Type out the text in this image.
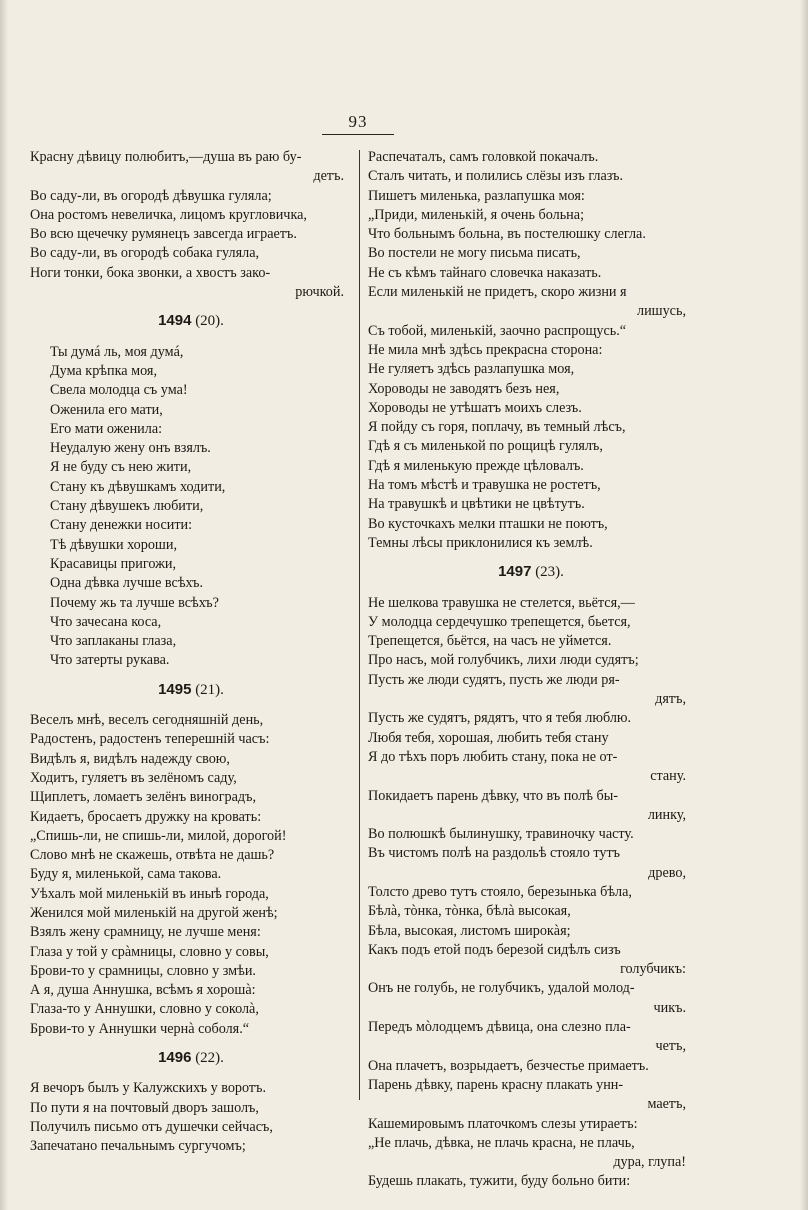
93
Красну дѣвицу полюбитъ,—душа въ раю бу-
детъ.
Во саду-ли, въ огородѣ дѣвушка гуляла;
Она ростомъ невеличка, лицомъ кругловичка,
Во всю щечечку румянецъ завсегда играетъ.
Во саду-ли, въ огородѣ собака гуляла,
Ноги тонки, бока звонки, а хвостъ зако-
рючкой.
1494 (20).
Ты думá ль, моя думá,
Дума крѣпка моя,
Свела молодца съ ума!
Оженила его мати,
Его мати оженила:
Неудалую жену онъ взялъ.
Я не буду съ нею жити,
Стану къ дѣвушкамъ ходити,
Стану дѣвушекъ любити,
Стану денежки носити:
Тѣ дѣвушки хороши,
Красавицы пригожи,
Одна дѣвка лучше всѣхъ.
Почему жь та лучше всѣхъ?
Что зачесана коса,
Что заплаканы глаза,
Что затерты рукава.
1495 (21).
Веселъ мнѣ, веселъ сегодняшній день,
Радостенъ, радостенъ теперешній часъ:
Видѣлъ я, видѣлъ надежду свою,
Ходитъ, гуляетъ въ зелёномъ саду,
Щиплетъ, ломаетъ зелёнъ виноградъ,
Кидаетъ, бросаетъ дружку на кровать:
„Спишь-ли, не спишь-ли, милой, дорогой!
Слово мнѣ не скажешь, отвѣта не дашь?
Буду я, миленькой, сама такова.
Уѣхалъ мой миленькій въ иныѣ города,
Женился мой миленькій на другой женѣ;
Взялъ жену срамницу, не лучше меня:
Глаза у той у срàмницы, словно у совы,
Брови-то у срамницы, словно у змѣи.
А я, душа Аннушка, всѣмъ я хорошà:
Глаза-то у Аннушки, словно у соколà,
Брови-то у Аннушки чернà соболя.“
1496 (22).
Я вечоръ былъ у Калужскихъ у воротъ.
По пути я на почтовый дворъ зашолъ,
Получилъ письмо отъ душечки сейчасъ,
Запечатано печальнымъ сургучомъ;
Распечаталъ, самъ головкой покачалъ.
Сталъ читать, и полились слёзы изъ глазъ.
Пишетъ миленька, разлапушка моя:
„Приди, миленькій, я очень больна;
Что больнымъ больна, въ постелюшку слегла.
Во постели не могу письма писать,
Не съ кѣмъ тайнаго словечка наказать.
Если миленькій не придетъ, скоро жизни я
лишусь,
Съ тобой, миленькій, заочно распрощусь.“
Не мила мнѣ здѣсь прекрасна сторона:
Не гуляетъ здѣсь разлапушка моя,
Хороводы не заводятъ безъ нея,
Хороводы не утѣшатъ моихъ слезъ.
Я пойду съ горя, поплачу, въ темный лѣсъ,
Гдѣ я съ миленькой по рощицѣ гулялъ,
Гдѣ я миленькую прежде цѣловалъ.
На томъ мѣстѣ и травушка не ростетъ,
На травушкѣ и цвѣтики не цвѣтутъ.
Во кусточкахъ мелки пташки не поютъ,
Темны лѣсы приклонилися къ землѣ.
1497 (23).
Не шелкова травушка не стелется, вьётся,—
У молодца сердечушко трепещется, бьется,
Трепещется, бьётся, на часъ не уймется.
Про насъ, мой голубчикъ, лихи люди судятъ;
Пусть же люди судятъ, пусть же люди ря-
дятъ,
Пусть же судятъ, рядятъ, что я тебя люблю.
Любя тебя, хорошая, любить тебя стану
Я до тѣхъ поръ любить стану, пока не от-
стану.
Покидаетъ парень дѣвку, что въ полѣ бы-
линку,
Во полюшкѣ былинушку, травиночку часту.
Въ чистомъ полѣ на раздольѣ стояло тутъ
древо,
Толсто древо тутъ стояло, березынька бѣла,
Бѣлà, тòнка, тòнка, бѣлà высокая,
Бѣла, высокая, листомъ широкàя;
Какъ подъ етой подъ березой сидѣлъ сизъ
голубчикъ:
Онъ не голубь, не голубчикъ, удалой молод-
чикъ.
Передъ мòлодцемъ дѣвица, она слезно пла-
четъ,
Она плачетъ, возрыдаетъ, безчестье примаетъ.
Парень дѣвку, парень красну плакать унн-
маетъ,
Кашемировымъ платочкомъ слезы утираетъ:
„Не плачь, дѣвка, не плачь красна, не плачь,
дура, глупа!
Будешь плакать, тужити, буду больно бити:
